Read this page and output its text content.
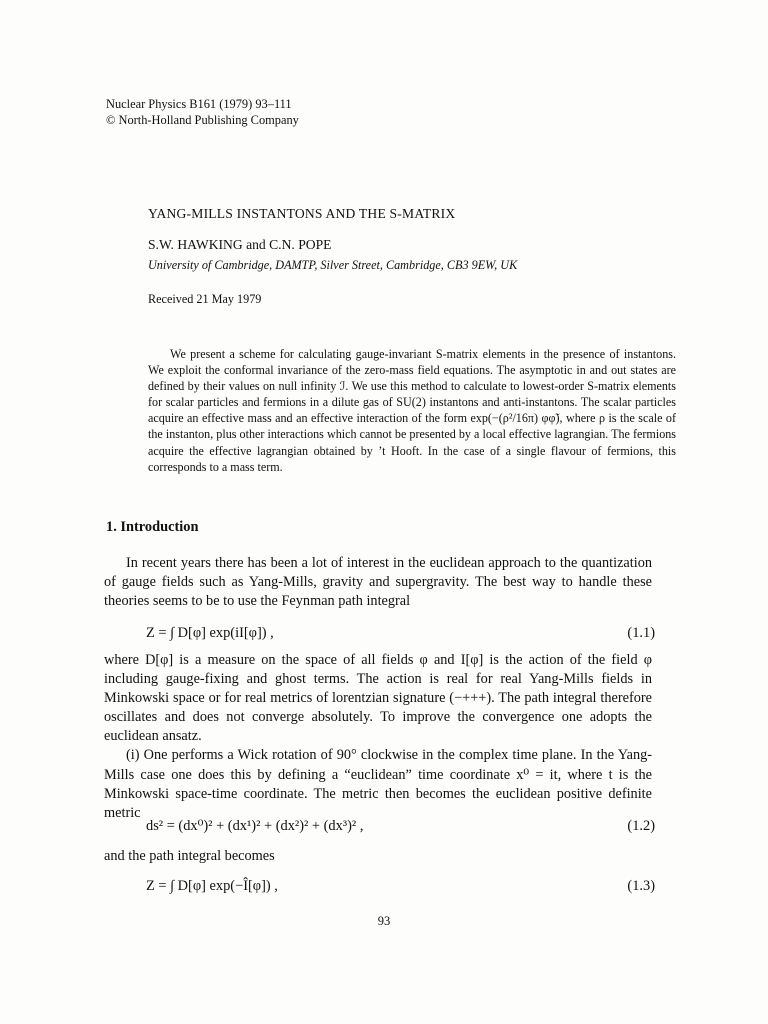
Nuclear Physics B161 (1979) 93–111
© North-Holland Publishing Company
YANG-MILLS INSTANTONS AND THE S-MATRIX
S.W. HAWKING and C.N. POPE
University of Cambridge, DAMTP, Silver Street, Cambridge, CB3 9EW, UK
Received 21 May 1979

We present a scheme for calculating gauge-invariant S-matrix elements in the presence of instantons. We exploit the conformal invariance of the zero-mass field equations. The asymptotic in and out states are defined by their values on null infinity ℐ. We use this method to calculate to lowest-order S-matrix elements for scalar particles and fermions in a dilute gas of SU(2) instantons and anti-instantons. The scalar particles acquire an effective mass and an effective interaction of the form exp(−(ρ²/16π) φφ̃), where ρ is the scale of the instanton, plus other interactions which cannot be presented by a local effective lagrangian. The fermions acquire the effective lagrangian obtained by ’t Hooft. In the case of a single flavour of fermions, this corresponds to a mass term.

1. Introduction

In recent years there has been a lot of interest in the euclidean approach to the quantization of gauge fields such as Yang-Mills, gravity and supergravity. The best way to handle these theories seems to be to use the Feynman path integral

Z = ∫ D[φ] exp(iI[φ]) ,	(1.1)

where D[φ] is a measure on the space of all fields φ and I[φ] is the action of the field φ including gauge-fixing and ghost terms. The action is real for real Yang-Mills fields in Minkowski space or for real metrics of lorentzian signature (−+++). The path integral therefore oscillates and does not converge absolutely. To improve the convergence one adopts the euclidean ansatz.

(i) One performs a Wick rotation of 90° clockwise in the complex time plane. In the Yang-Mills case one does this by defining a “euclidean” time coordinate x⁰ = it, where t is the Minkowski space-time coordinate. The metric then becomes the euclidean positive definite metric

ds² = (dx⁰)² + (dx¹)² + (dx²)² + (dx³)² ,	(1.2)

and the path integral becomes

Z = ∫ D[φ] exp(−Î[φ]) ,	(1.3)
93
